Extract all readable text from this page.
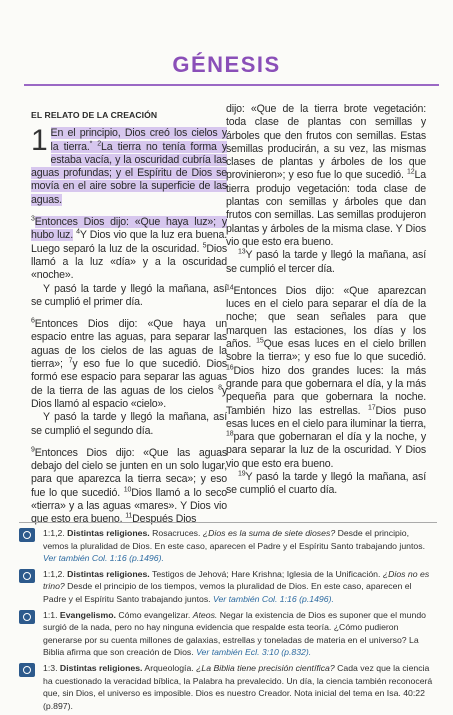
GÉNESIS
EL RELATO DE LA CREACIÓN

1 En el principio, Dios creó los cielos y la tierra.* $^2$La tierra no tenía forma y estaba vacía, y la oscuridad cubría las aguas profundas; y el Espíritu de Dios se movía en el aire sobre la superficie de las aguas.

$^3$Entonces Dios dijo: «Que haya luz»; y hubo luz. $^4$Y Dios vio que la luz era buena. Luego separó la luz de la oscuridad. $^5$Dios llamó a la luz «día» y a la oscuridad «noche».

Y pasó la tarde y llegó la mañana, así se cumplió el primer día.

$^6$Entonces Dios dijo: «Que haya un espacio entre las aguas, para separar las aguas de los cielos de las aguas de la tierra»; $^7$y eso fue lo que sucedió. Dios formó ese espacio para separar las aguas de la tierra de las aguas de los cielos $^8$y Dios llamó al espacio «cielo».

Y pasó la tarde y llegó la mañana, así se cumplió el segundo día.

$^9$Entonces Dios dijo: «Que las aguas debajo del cielo se junten en un solo lugar, para que aparezca la tierra seca»; y eso fue lo que sucedió. $^{10}$Dios llamó a lo seco «tierra» y a las aguas «mares». Y Dios vio que esto era bueno. $^{11}$Después Dios

dijo: «Que de la tierra brote vegetación: toda clase de plantas con semillas y árboles que den frutos con semillas. Estas semillas producirán, a su vez, las mismas clases de plantas y árboles de los que provinieron»; y eso fue lo que sucedió. $^{12}$La tierra produjo vegetación: toda clase de plantas con semillas y árboles que dan frutos con semillas. Las semillas produjeron plantas y árboles de la misma clase. Y Dios vio que esto era bueno.

$^{13}$Y pasó la tarde y llegó la mañana, así se cumplió el tercer día.

$^{14}$Entonces Dios dijo: «Que aparezcan luces en el cielo para separar el día de la noche; que sean señales para que marquen las estaciones, los días y los años. $^{15}$Que esas luces en el cielo brillen sobre la tierra»; y eso fue lo que sucedió. $^{16}$Dios hizo dos grandes luces: la más grande para que gobernara el día, y la más pequeña para que gobernara la noche. También hizo las estrellas. $^{17}$Dios puso esas luces en el cielo para iluminar la tierra, $^{18}$para que gobernaran el día y la noche, y para separar la luz de la oscuridad. Y Dios vio que esto era bueno.

$^{19}$Y pasó la tarde y llegó la mañana, así se cumplió el cuarto día.

1:1,2. Distintas religiones. Rosacruces. ¿Dios es la suma de siete dioses? Desde el principio, vemos la pluralidad de Dios. En este caso, aparecen el Padre y el Espíritu Santo trabajando juntos. Ver también Col. 1:16 (p.1496).
1:1,2. Distintas religiones. Testigos de Jehová; Hare Krishna; Iglesia de la Unificación. ¿Dios no es trino? Desde el principio de los tiempos, vemos la pluralidad de Dios. En este caso, aparecen el Padre y el Espíritu Santo trabajando juntos. Ver también Col. 1:16 (p.1496).
1:1. Evangelismo. Cómo evangelizar. Ateos. Negar la existencia de Dios es suponer que el mundo surgió de la nada, pero no hay ninguna evidencia que respalde esta teoría. ¿Cómo pudieron generarse por su cuenta millones de galaxias, estrellas y toneladas de materia en el universo? La Biblia afirma que son creación de Dios. Ver también Ecl. 3:10 (p.832).
1:3. Distintas religiones. Arqueología. ¿La Biblia tiene precisión científica? Cada vez que la ciencia ha cuestionado la veracidad bíblica, la Palabra ha prevalecido. Un día, la ciencia también reconocerá que, sin Dios, el universo es imposible. Dios es nuestro Creador. Nota inicial del tema en Isa. 40:22 (p.897).
